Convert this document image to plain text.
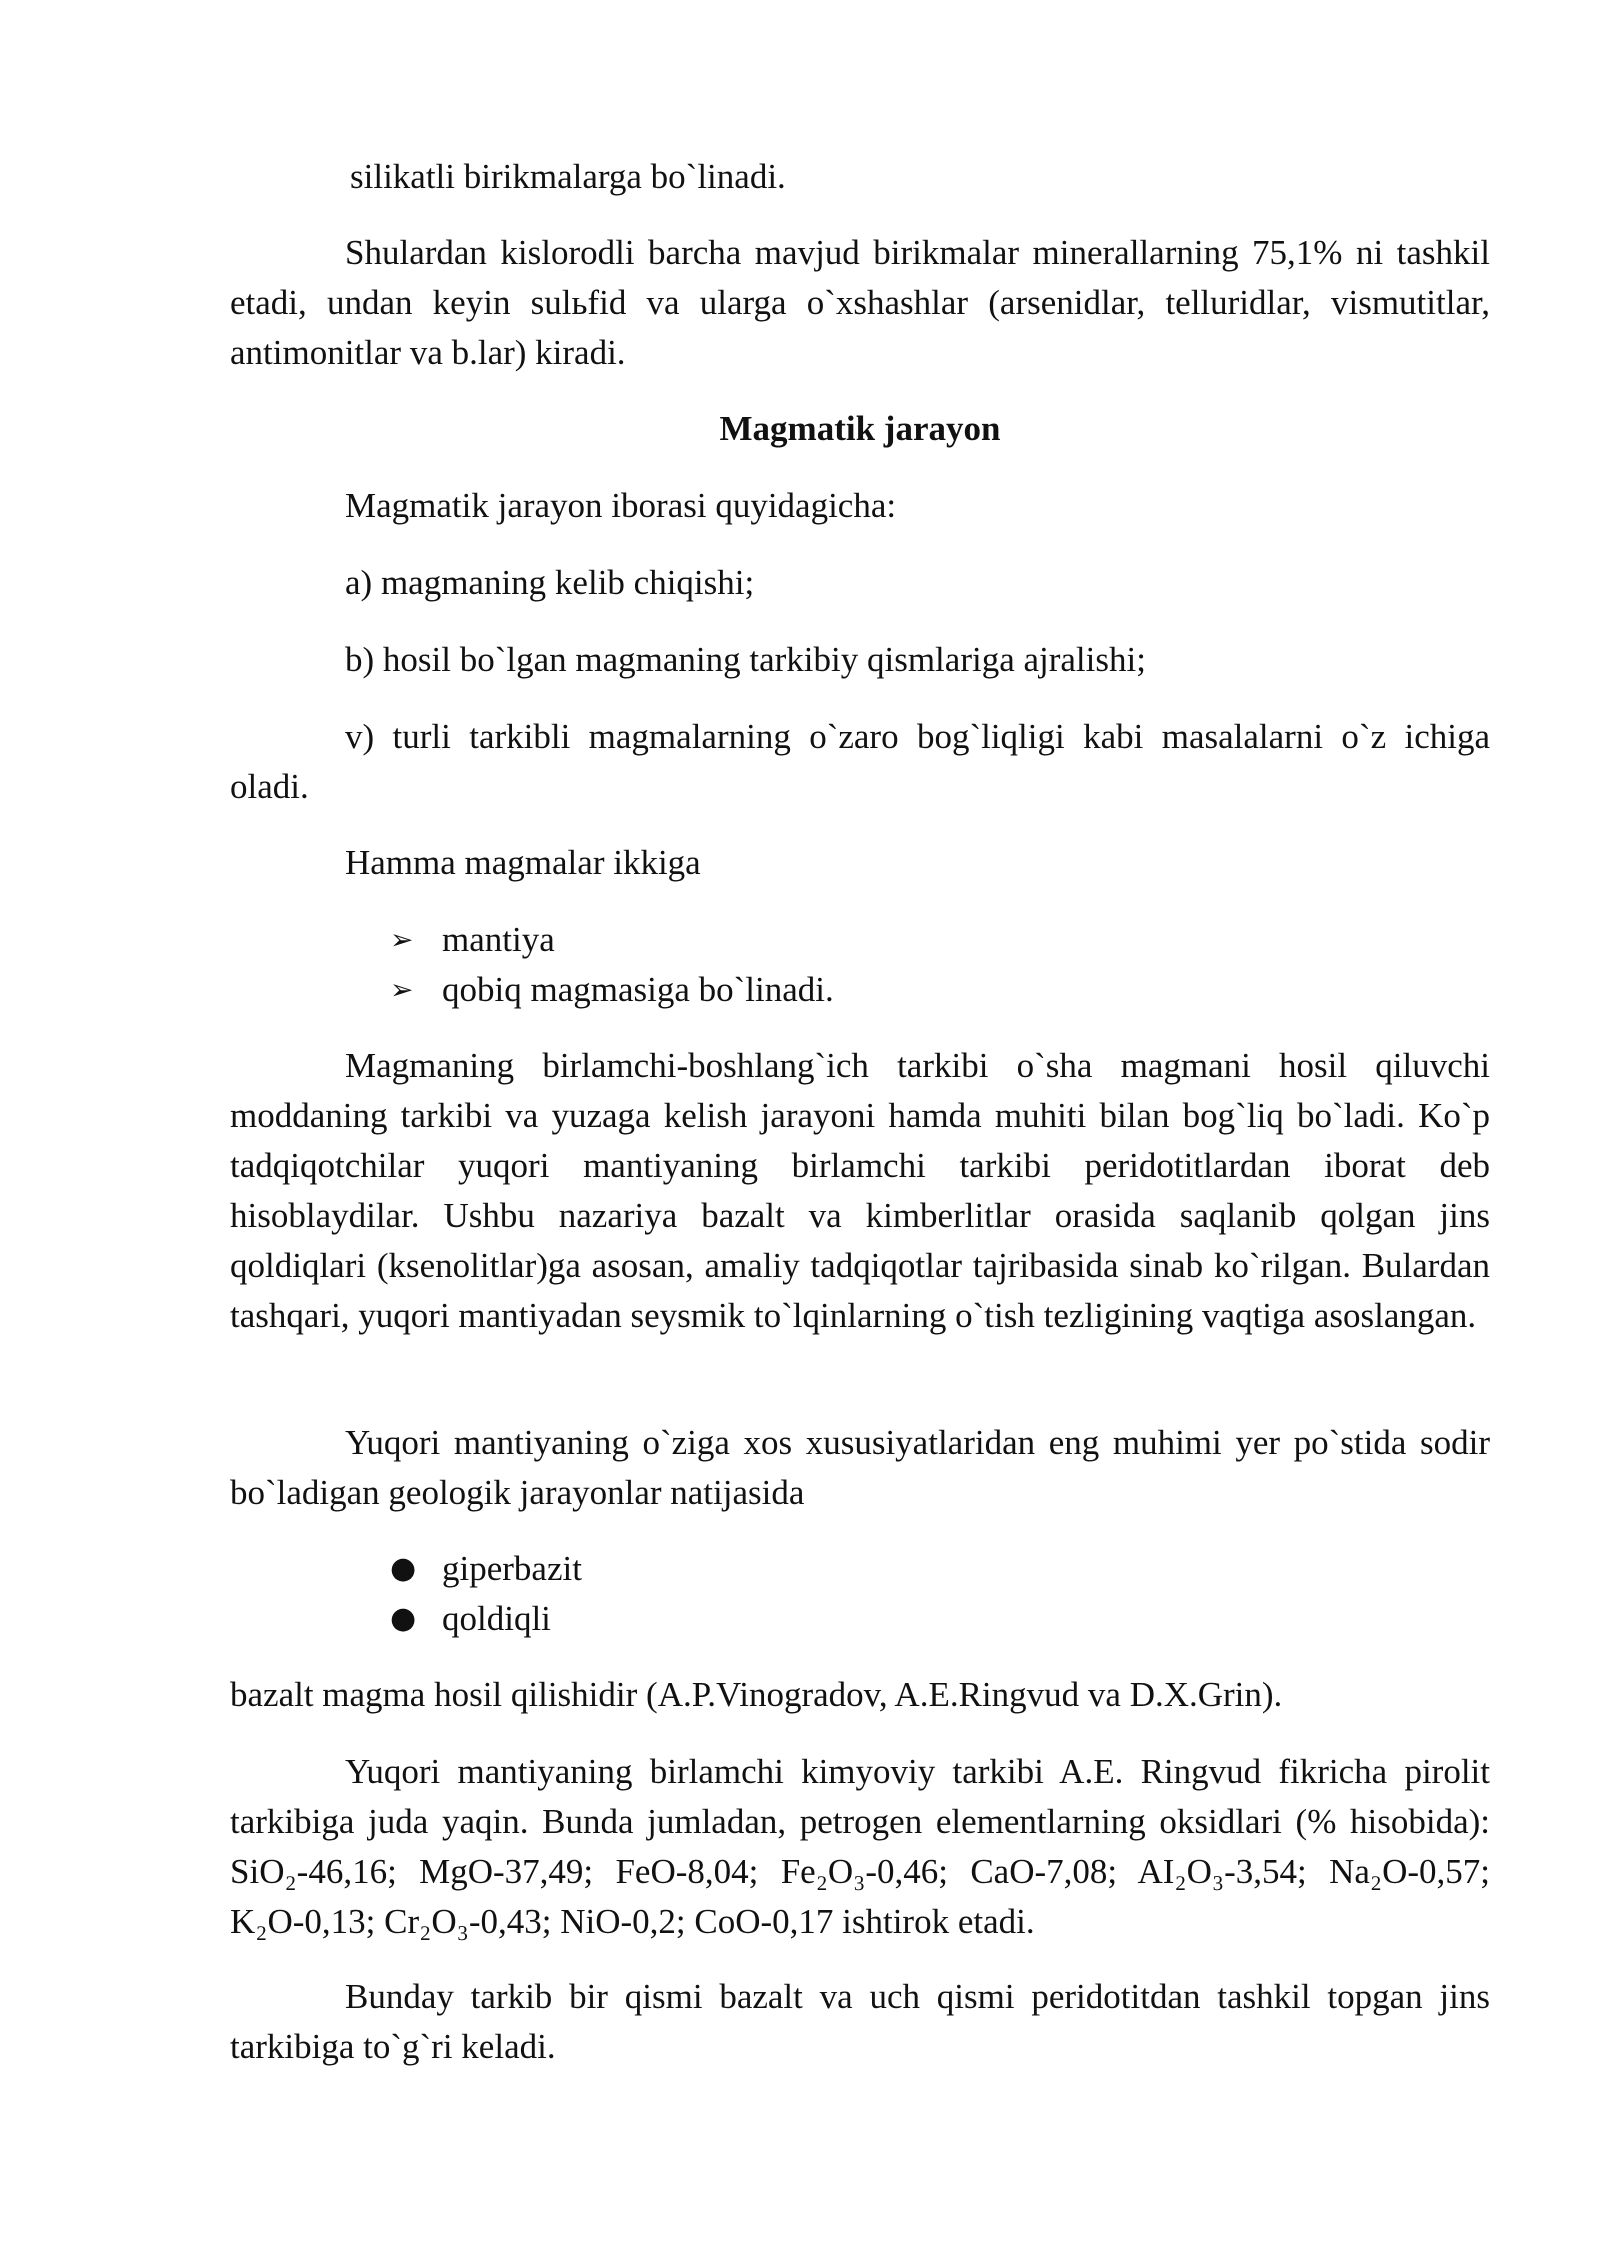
silikatli birikmalarga bo`linadi.

Shulardan kislorodli barcha mavjud birikmalar minerallarning 75,1% ni tashkil etadi, undan keyin sulьfid va ularga o`xshashlar (arsenidlar, telluridlar, vismutitlar, antimonitlar va b.lar) kiradi.

Magmatik jarayon

Magmatik jarayon iborasi quyidagicha:

a) magmaning kelib chiqishi;

b) hosil bo`lgan magmaning tarkibiy qismlariga ajralishi;

v) turli tarkibli magmalarning o`zaro bog`liqligi kabi masalalarni o`z ichiga oladi.

Hamma magmalar ikkiga

➢ mantiya
➢ qobiq magmasiga bo`linadi.

Magmaning birlamchi-boshlang`ich tarkibi o`sha magmani hosil qiluvchi moddaning tarkibi va yuzaga kelish jarayoni hamda muhiti bilan bog`liq bo`ladi. Ko`p tadqiqotchilar yuqori mantiyaning birlamchi tarkibi peridotitlardan iborat deb hisoblaydilar. Ushbu nazariya bazalt va kimberlitlar orasida saqlanib qolgan jins qoldiqlari (ksenolitlar)ga asosan, amaliy tadqiqotlar tajribasida sinab ko`rilgan. Bulardan tashqari, yuqori mantiyadan seysmik to`lqinlarning o`tish tezligining vaqtiga asoslangan.

Yuqori mantiyaning o`ziga xos xususiyatlaridan eng muhimi yer po`stida sodir bo`ladigan geologik jarayonlar natijasida

● giperbazit
● qoldiqli

bazalt magma hosil qilishidir (A.P.Vinogradov, A.E.Ringvud va D.X.Grin).

Yuqori mantiyaning birlamchi kimyoviy tarkibi A.E. Ringvud fikricha pirolit tarkibiga juda yaqin. Bunda jumladan, petrogen elementlarning oksidlari (% hisobida): SiO₂-46,16; MgO-37,49; FeO-8,04; Fe₂O₃-0,46; CaO-7,08; AI₂O₃-3,54; Na₂O-0,57; K₂O-0,13; Cr₂O₃-0,43; NiO-0,2; CoO-0,17 ishtirok etadi.

Bunday tarkib bir qismi bazalt va uch qismi peridotitdan tashkil topgan jins tarkibiga to`g`ri keladi.
